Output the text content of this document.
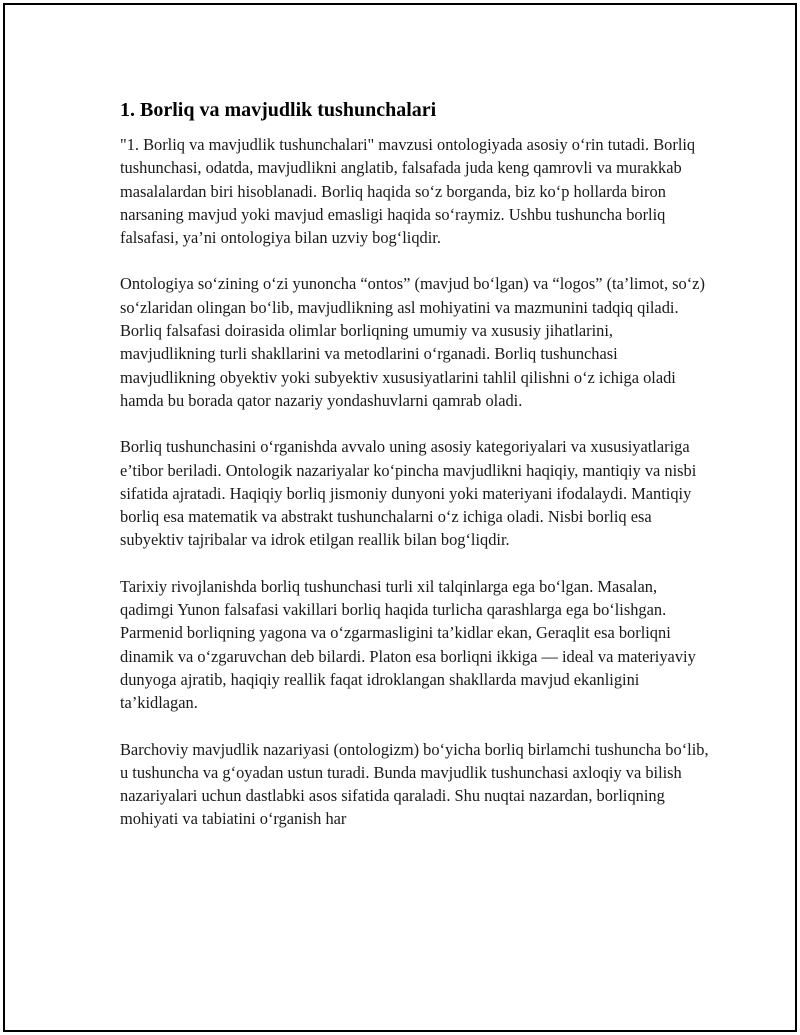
1. Borliq va mavjudlik tushunchalari

"1. Borliq va mavjudlik tushunchalari" mavzusi ontologiyada asosiy o‘rin tutadi. Borliq tushunchasi, odatda, mavjudlikni anglatib, falsafada juda keng qamrovli va murakkab masalalardan biri hisoblanadi. Borliq haqida so‘z borganda, biz ko‘p hollarda biron narsaning mavjud yoki mavjud emasligi haqida so‘raymiz. Ushbu tushuncha borliq falsafasi, ya’ni ontologiya bilan uzviy bog‘liqdir.

Ontologiya so‘zining o‘zi yunoncha “ontos” (mavjud bo‘lgan) va “logos” (ta’limot, so‘z) so‘zlaridan olingan bo‘lib, mavjudlikning asl mohiyatini va mazmunini tadqiq qiladi. Borliq falsafasi doirasida olimlar borliqning umumiy va xususiy jihatlarini, mavjudlikning turli shakllarini va metodlarini o‘rganadi. Borliq tushunchasi mavjudlikning obyektiv yoki subyektiv xususiyatlarini tahlil qilishni o‘z ichiga oladi hamda bu borada qator nazariy yondashuvlarni qamrab oladi.

Borliq tushunchasini o‘rganishda avvalo uning asosiy kategoriyalari va xususiyatlariga e’tibor beriladi. Ontologik nazariyalar ko‘pincha mavjudlikni haqiqiy, mantiqiy va nisbi sifatida ajratadi. Haqiqiy borliq jismoniy dunyoni yoki materiyani ifodalaydi. Mantiqiy borliq esa matematik va abstrakt tushunchalarni o‘z ichiga oladi. Nisbi borliq esa subyektiv tajribalar va idrok etilgan reallik bilan bog‘liqdir.

Tarixiy rivojlanishda borliq tushunchasi turli xil talqinlarga ega bo‘lgan. Masalan, qadimgi Yunon falsafasi vakillari borliq haqida turlicha qarashlarga ega bo‘lishgan. Parmenid borliqning yagona va o‘zgarmasligini ta’kidlar ekan, Geraqlit esa borliqni dinamik va o‘zgaruvchan deb bilardi. Platon esa borliqni ikkiga — ideal va materiyaviy dunyoga ajratib, haqiqiy reallik faqat idroklangan shakllarda mavjud ekanligini ta’kidlagan.

Barchoviy mavjudlik nazariyasi (ontologizm) bo‘yicha borliq birlamchi tushuncha bo‘lib, u tushuncha va g‘oyadan ustun turadi. Bunda mavjudlik tushunchasi axloqiy va bilish nazariyalari uchun dastlabki asos sifatida qaraladi. Shu nuqtai nazardan, borliqning mohiyati va tabiatini o‘rganish har
